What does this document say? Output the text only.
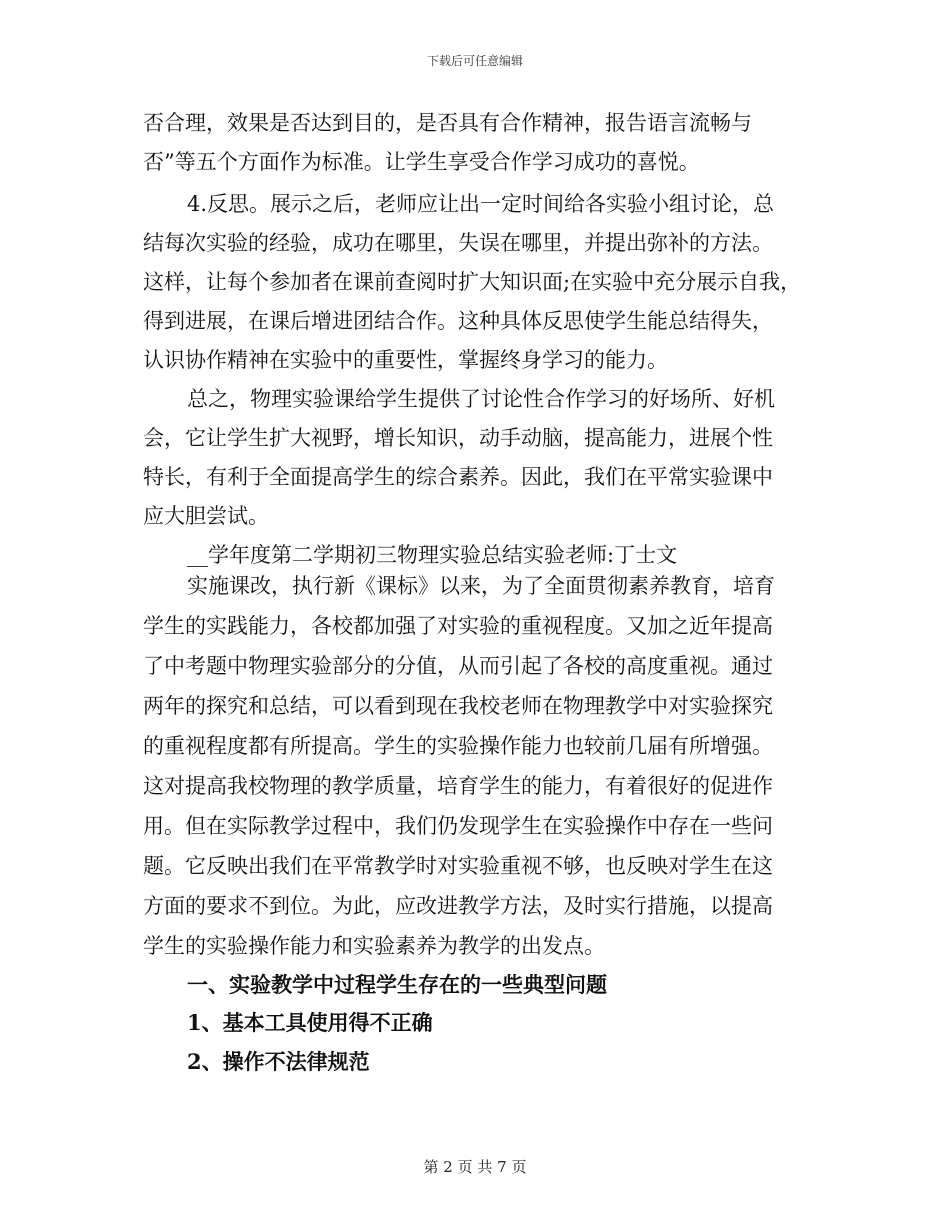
下载后可任意编辑
否合理，效果是否达到目的，是否具有合作精神，报告语言流畅与
否”等五个方面作为标准。让学生享受合作学习成功的喜悦。
4.反思。展示之后，老师应让出一定时间给各实验小组讨论，总
结每次实验的经验，成功在哪里，失误在哪里，并提出弥补的方法。
这样，让每个参加者在课前查阅时扩大知识面;在实验中充分展示自我，
得到进展，在课后增进团结合作。这种具体反思使学生能总结得失，
认识协作精神在实验中的重要性，掌握终身学习的能力。
总之，物理实验课给学生提供了讨论性合作学习的好场所、好机
会，它让学生扩大视野，增长知识，动手动脑，提高能力，进展个性
特长，有利于全面提高学生的综合素养。因此，我们在平常实验课中
应大胆尝试。
__学年度第二学期初三物理实验总结实验老师:丁士文
实施课改，执行新《课标》以来，为了全面贯彻素养教育，培育
学生的实践能力，各校都加强了对实验的重视程度。又加之近年提高
了中考题中物理实验部分的分值，从而引起了各校的高度重视。通过
两年的探究和总结，可以看到现在我校老师在物理教学中对实验探究
的重视程度都有所提高。学生的实验操作能力也较前几届有所增强。
这对提高我校物理的教学质量，培育学生的能力，有着很好的促进作
用。但在实际教学过程中，我们仍发现学生在实验操作中存在一些问
题。它反映出我们在平常教学时对实验重视不够，也反映对学生在这
方面的要求不到位。为此，应改进教学方法，及时实行措施，以提高
学生的实验操作能力和实验素养为教学的出发点。
一、实验教学中过程学生存在的一些典型问题
1、基本工具使用得不正确
2、操作不法律规范
第 2 页 共 7 页
